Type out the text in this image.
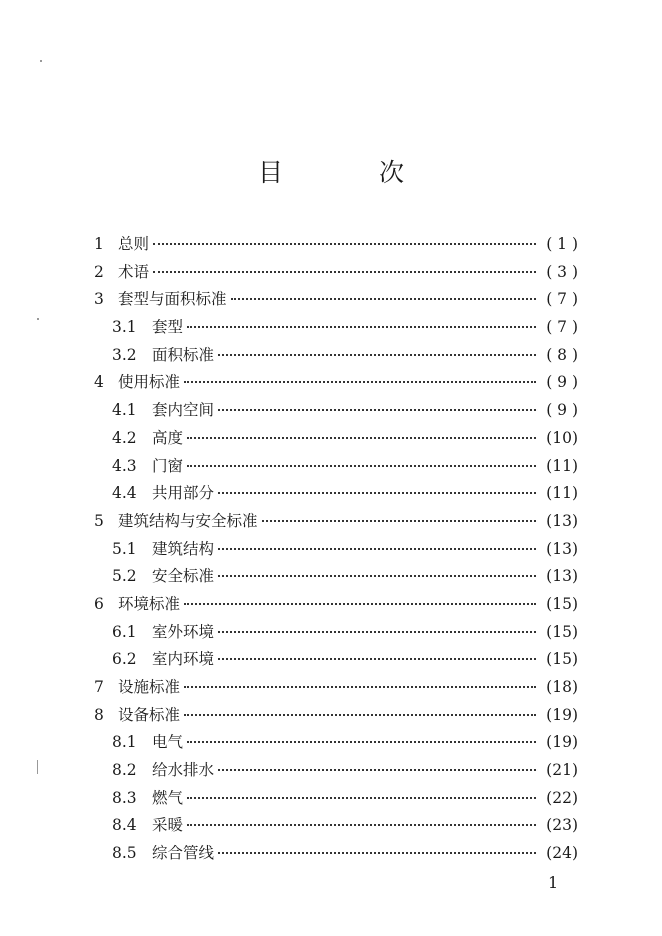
目 次
1 总则	( 1 )
2 术语	( 3 )
3 套型与面积标准	( 7 )
3.1 套型	( 7 )
3.2 面积标准	( 8 )
4 使用标准	( 9 )
4.1 套内空间	( 9 )
4.2 高度	(10)
4.3 门窗	(11)
4.4 共用部分	(11)
5 建筑结构与安全标准	(13)
5.1 建筑结构	(13)
5.2 安全标准	(13)
6 环境标准	(15)
6.1 室外环境	(15)
6.2 室内环境	(15)
7 设施标准	(18)
8 设备标准	(19)
8.1 电气	(19)
8.2 给水排水	(21)
8.3 燃气	(22)
8.4 采暖	(23)
8.5 综合管线	(24)
1
